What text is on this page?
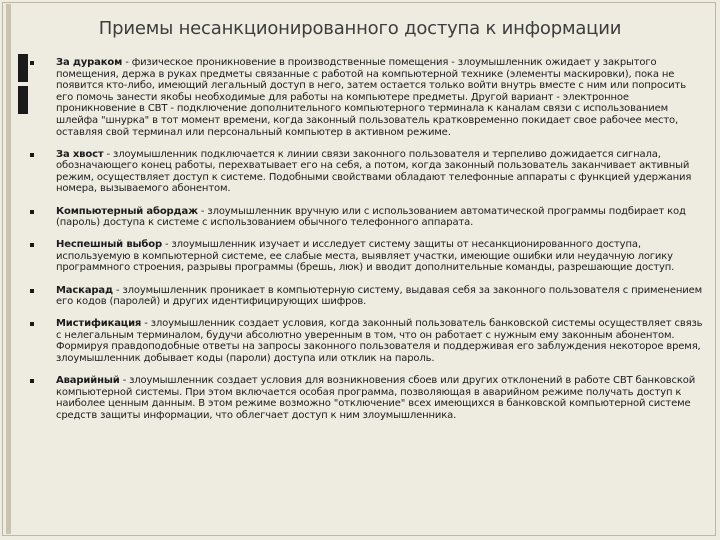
Приемы несанкционированного доступа к информации
За дураком - физическое проникновение в производственные помещения - злоумышленник ожидает у закрытого помещения, держа в руках предметы связанные с работой на компьютерной технике (элементы маскировки), пока не появится кто-либо, имеющий легальный доступ в него, затем остается только войти внутрь вместе с ним или попросить его помочь занести якобы необходимые для работы на компьютере предметы. Другой вариант - электронное проникновение в СВТ - подключение дополнительного компьютерного терминала к каналам связи с использованием шлейфа "шнурка" в тот момент времени, когда законный пользователь кратковременно покидает свое рабочее место, оставляя свой терминал или персональный компьютер в активном режиме.
За хвост - злоумышленник подключается к линии связи законного пользователя и терпеливо дожидается сигнала, обозначающего конец работы, перехватывает его на себя, а потом, когда законный пользователь заканчивает активный режим, осуществляет доступ к системе. Подобными свойствами обладают телефонные аппараты с функцией удержания номера, вызываемого абонентом.
Компьютерный абордаж - злоумышленник вручную или с использованием автоматической программы подбирает код (пароль) доступа к системе с использованием обычного телефонного аппарата.
Неспешный выбор - злоумышленник изучает и исследует систему защиты от несанкционированного доступа, используемую в компьютерной системе, ее слабые места, выявляет участки, имеющие ошибки или неудачную логику программного строения, разрывы программы (брешь, люк) и вводит дополнительные команды, разрешающие доступ.
Маскарад - злоумышленник проникает в компьютерную систему, выдавая себя за законного пользователя с применением его кодов (паролей) и других идентифицирующих шифров.
Мистификация - злоумышленник создает условия, когда законный пользователь банковской системы осуществляет связь с нелегальным терминалом, будучи абсолютно уверенным в том, что он работает с нужным ему законным абонентом. Формируя правдоподобные ответы на запросы законного пользователя и поддерживая его заблуждения некоторое время, злоумышленник добывает коды (пароли) доступа или отклик на пароль.
Аварийный - злоумышленник создает условия для возникновения сбоев или других отклонений в работе СВТ банковской компьютерной системы. При этом включается особая программа, позволяющая в аварийном режиме получать доступ к наиболее ценным данным. В этом режиме возможно "отключение" всех имеющихся в банковской компьютерной системе средств защиты информации, что облегчает доступ к ним злоумышленника.
